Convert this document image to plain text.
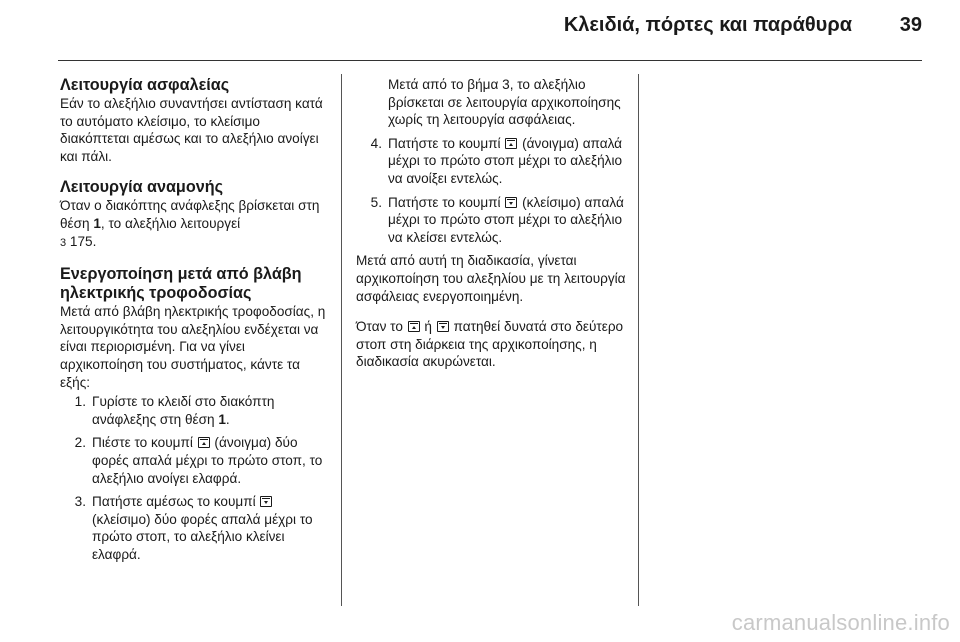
Κλειδιά, πόρτες και παράθυρα 39
Λειτουργία ασφαλείας

Εάν το αλεξήλιο συναντήσει αντίσταση κατά το αυτόματο κλείσιμο, το κλείσιμο διακόπτεται αμέσως και το αλεξήλιο ανοίγει και πάλι.

Λειτουργία αναμονής

Όταν ο διακόπτης ανάφλεξης βρίσκεται στη θέση 1, το αλεξήλιο λειτουργεί
3 175.

Ενεργοποίηση μετά από βλάβη ηλεκτρικής τροφοδοσίας

Μετά από βλάβη ηλεκτρικής τροφοδοσίας, η λειτουργικότητα του αλεξηλίου ενδέχεται να είναι περιορισμένη. Για να γίνει αρχικοποίηση του συστήματος, κάντε τα εξής:

1. Γυρίστε το κλειδί στο διακόπτη ανάφλεξης στη θέση 1.
2. Πιέστε το κουμπί  (άνοιγμα) δύο φορές απαλά μέχρι το πρώτο στοπ, το αλεξήλιο ανοίγει ελαφρά.
3. Πατήστε αμέσως το κουμπί  (κλείσιμο) δύο φορές απαλά μέχρι το πρώτο στοπ, το αλεξήλιο κλείνει ελαφρά.
Μετά από το βήμα 3, το αλεξήλιο βρίσκεται σε λειτουργία αρχικοποίησης χωρίς τη λειτουργία ασφάλειας.
4. Πατήστε το κουμπί  (άνοιγμα) απαλά μέχρι το πρώτο στοπ μέχρι το αλεξήλιο να ανοίξει εντελώς.
5. Πατήστε το κουμπί  (κλείσιμο) απαλά μέχρι το πρώτο στοπ μέχρι το αλεξήλιο να κλείσει εντελώς.

Μετά από αυτή τη διαδικασία, γίνεται αρχικοποίηση του αλεξηλίου με τη λειτουργία ασφάλειας ενεργοποιημένη.

Όταν το  ή  πατηθεί δυνατά στο δεύτερο στοπ στη διάρκεια της αρχικοποίησης, η διαδικασία ακυρώνεται.

carmanualsonline.info
